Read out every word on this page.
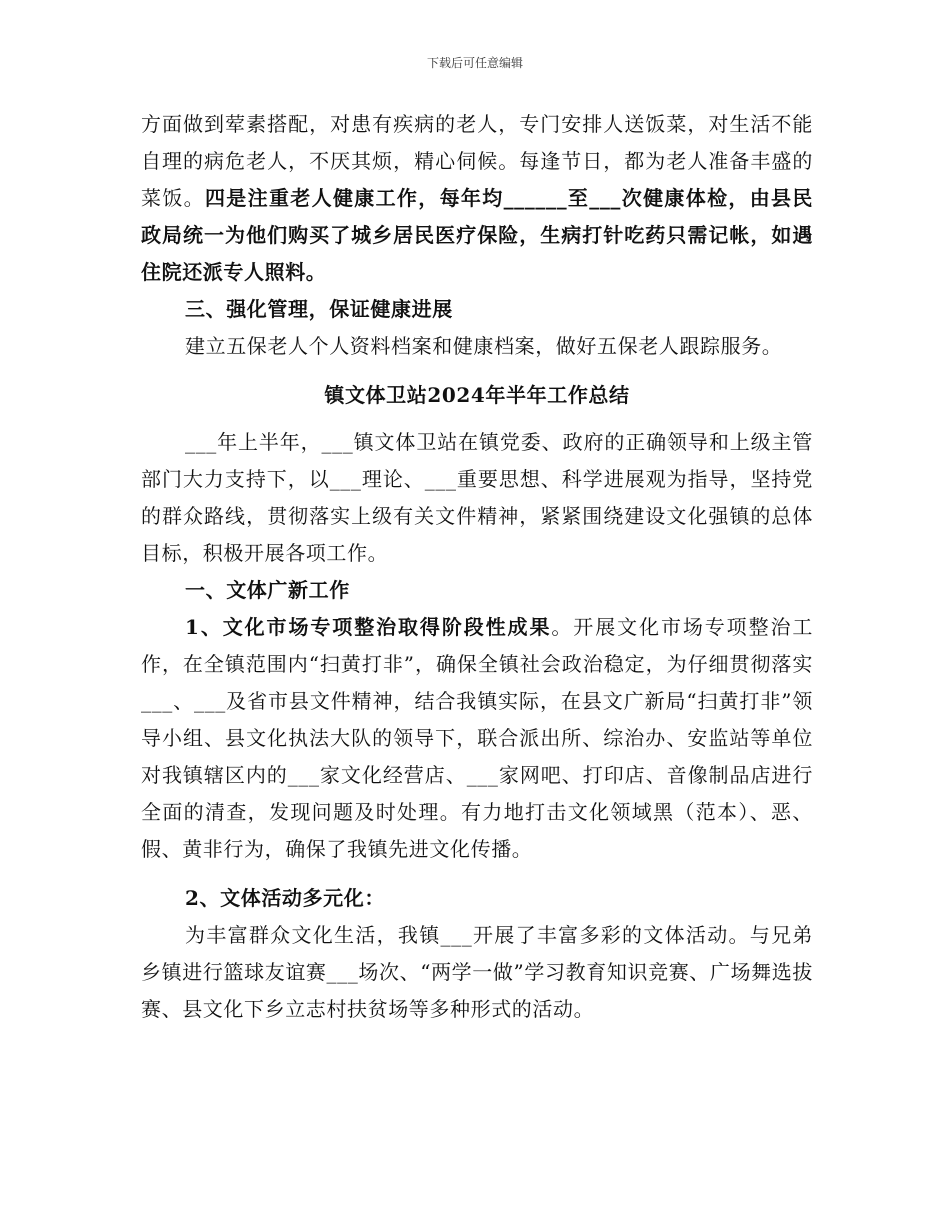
下载后可任意编辑

方面做到荤素搭配，对患有疾病的老人，专门安排人送饭菜，对生活不能自理的病危老人，不厌其烦，精心伺候。每逢节日，都为老人准备丰盛的菜饭。四是注重老人健康工作，每年均______至___次健康体检，由县民政局统一为他们购买了城乡居民医疗保险，生病打针吃药只需记帐，如遇住院还派专人照料。

三、强化管理，保证健康进展

建立五保老人个人资料档案和健康档案，做好五保老人跟踪服务。

镇文体卫站2024年半年工作总结

___年上半年，___镇文体卫站在镇党委、政府的正确领导和上级主管部门大力支持下，以___理论、___重要思想、科学进展观为指导，坚持党的群众路线，贯彻落实上级有关文件精神，紧紧围绕建设文化强镇的总体目标，积极开展各项工作。

一、文体广新工作

1、文化市场专项整治取得阶段性成果。开展文化市场专项整治工作，在全镇范围内“扫黄打非”，确保全镇社会政治稳定，为仔细贯彻落实___、___及省市县文件精神，结合我镇实际，在县文广新局“扫黄打非”领导小组、县文化执法大队的领导下，联合派出所、综治办、安监站等单位对我镇辖区内的___家文化经营店、___家网吧、打印店、音像制品店进行全面的清查，发现问题及时处理。有力地打击文化领域黑（范本）、恶、假、黄非行为，确保了我镇先进文化传播。

2、文体活动多元化：

为丰富群众文化生活，我镇___开展了丰富多彩的文体活动。与兄弟乡镇进行篮球友谊赛___场次、“两学一做”学习教育知识竞赛、广场舞选拔赛、县文化下乡立志村扶贫场等多种形式的活动。
